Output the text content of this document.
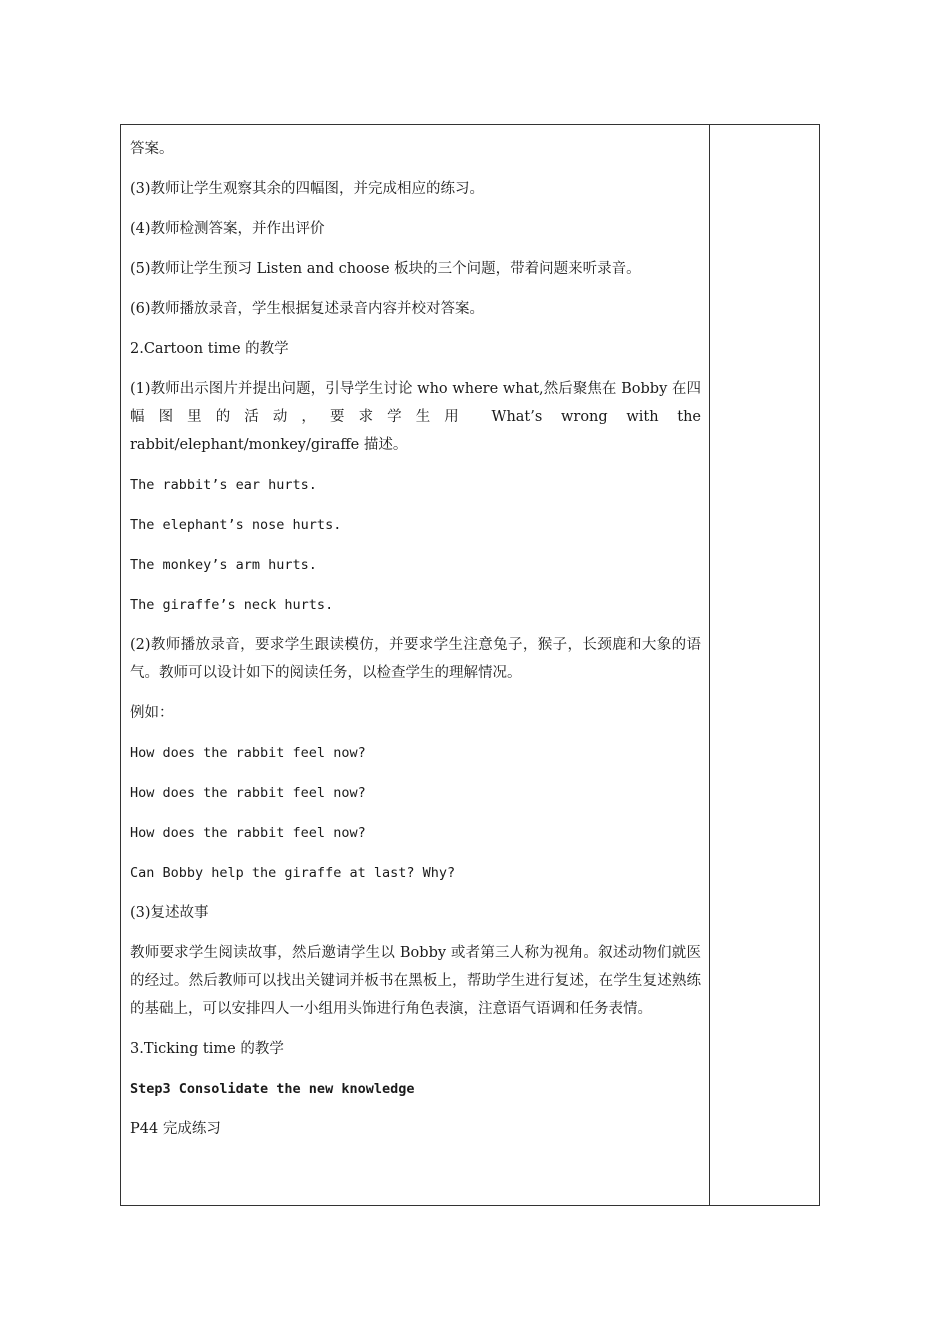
答案。

(3)教师让学生观察其余的四幅图，并完成相应的练习。

(4)教师检测答案，并作出评价

(5)教师让学生预习 Listen and choose 板块的三个问题，带着问题来听录音。

(6)教师播放录音，学生根据复述录音内容并校对答案。

2.Cartoon time 的教学

(1)教师出示图片并提出问题，引导学生讨论 who where what,然后聚焦在 Bobby 在四幅图里的活动，要求学生用 What’s wrong with the rabbit/elephant/monkey/giraffe 描述。

The rabbit’s ear hurts.

The elephant’s nose hurts.

The monkey’s arm hurts.

The giraffe’s neck hurts.

(2)教师播放录音，要求学生跟读模仿，并要求学生注意兔子，猴子，长颈鹿和大象的语气。教师可以设计如下的阅读任务，以检查学生的理解情况。

例如：

How does the rabbit feel now?

How does the rabbit feel now?

How does the rabbit feel now?

Can Bobby help the giraffe at last? Why?

(3)复述故事

教师要求学生阅读故事，然后邀请学生以 Bobby 或者第三人称为视角。叙述动物们就医的经过。然后教师可以找出关键词并板书在黑板上，帮助学生进行复述，在学生复述熟练的基础上，可以安排四人一小组用头饰进行角色表演，注意语气语调和任务表情。

3.Ticking time 的教学

Step3 Consolidate the new knowledge

P44 完成练习
